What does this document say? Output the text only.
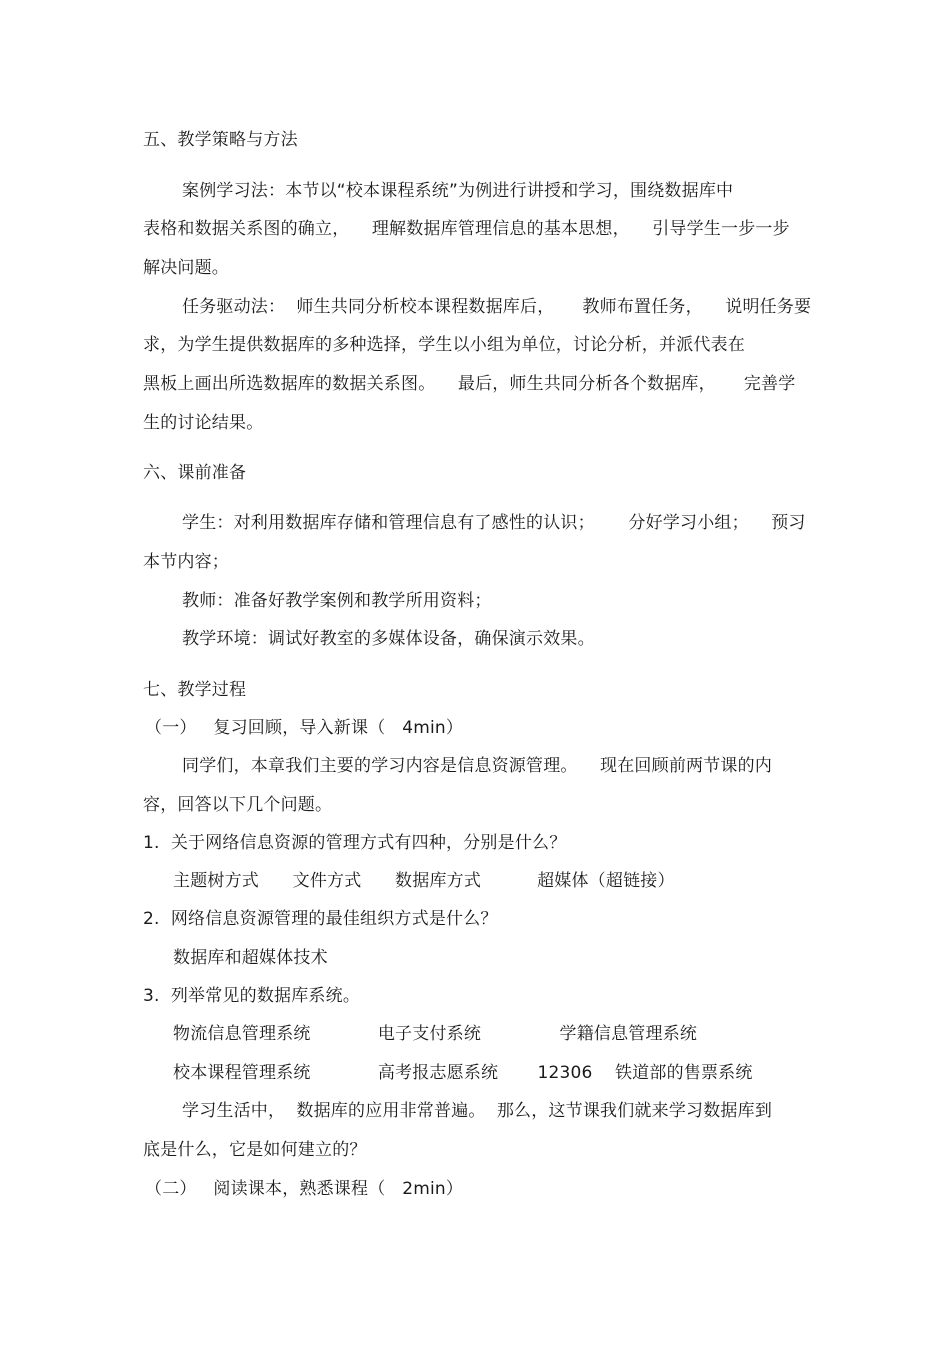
五、教学策略与方法
案例学习法：本节以“校本课程系统”为例进行讲授和学习，围绕数据库中
表格和数据关系图的确立，    理解数据库管理信息的基本思想，    引导学生一步一步
解决问题。
任务驱动法：  师生共同分析校本课程数据库后，     教师布置任务，    说明任务要
求，为学生提供数据库的多种选择，学生以小组为单位，讨论分析，并派代表在
黑板上画出所选数据库的数据关系图。    最后，师生共同分析各个数据库，     完善学
生的讨论结果。
六、课前准备
学生：对利用数据库存储和管理信息有了感性的认识；      分好学习小组；    预习
本节内容；
教师：准备好教学案例和教学所用资料；
教学环境：调试好教室的多媒体设备，确保演示效果。
七、教学过程
（一）   复习回顾，导入新课（   4min）
同学们，本章我们主要的学习内容是信息资源管理。    现在回顾前两节课的内
容，回答以下几个问题。
1.  关于网络信息资源的管理方式有四种，分别是什么？
主题树方式      文件方式      数据库方式          超媒体（超链接）
2.  网络信息资源管理的最佳组织方式是什么？
数据库和超媒体技术
3.  列举常见的数据库系统。
物流信息管理系统            电子支付系统              学籍信息管理系统
校本课程管理系统            高考报志愿系统       12306    铁道部的售票系统
学习生活中，  数据库的应用非常普遍。  那么，这节课我们就来学习数据库到
底是什么，它是如何建立的？
（二）   阅读课本，熟悉课程（   2min）
